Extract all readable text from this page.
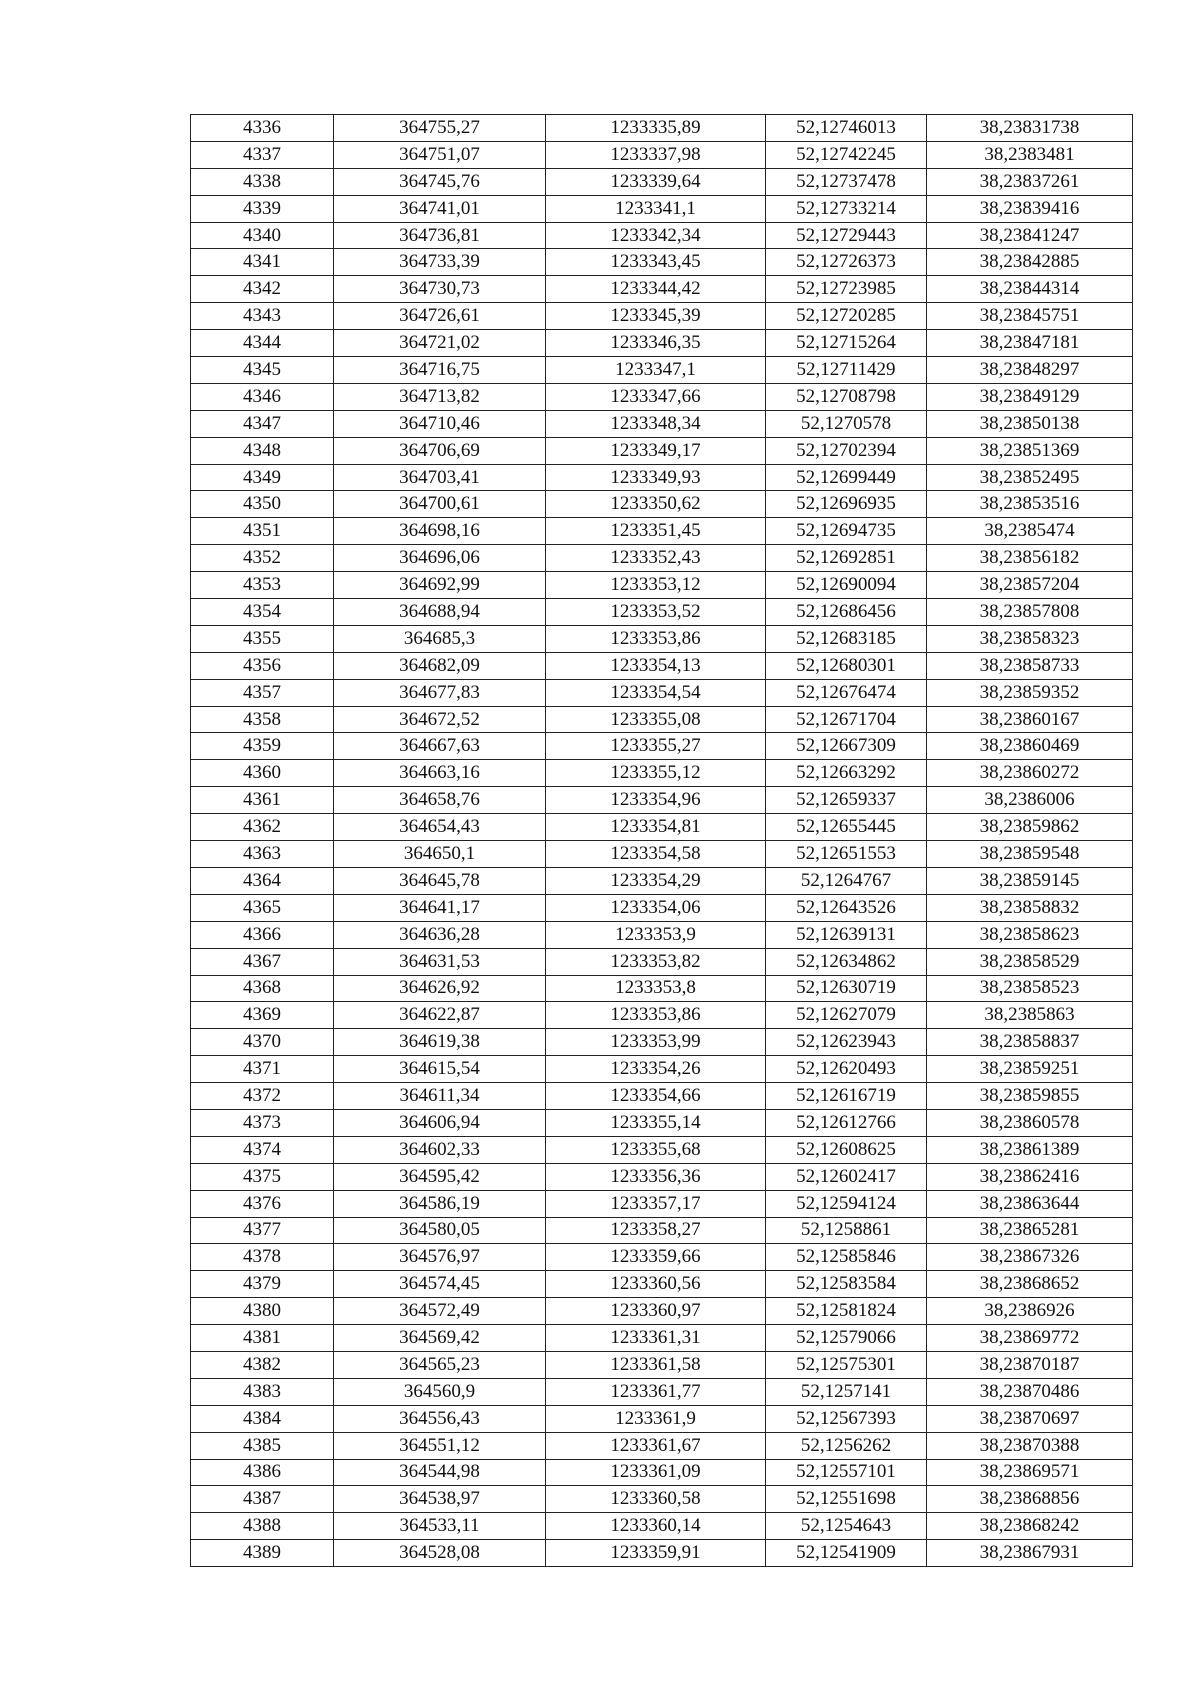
4336	364755,27	1233335,89	52,12746013	38,23831738
4337	364751,07	1233337,98	52,12742245	38,2383481
4338	364745,76	1233339,64	52,12737478	38,23837261
4339	364741,01	1233341,1	52,12733214	38,23839416
4340	364736,81	1233342,34	52,12729443	38,23841247
4341	364733,39	1233343,45	52,12726373	38,23842885
4342	364730,73	1233344,42	52,12723985	38,23844314
4343	364726,61	1233345,39	52,12720285	38,23845751
4344	364721,02	1233346,35	52,12715264	38,23847181
4345	364716,75	1233347,1	52,12711429	38,23848297
4346	364713,82	1233347,66	52,12708798	38,23849129
4347	364710,46	1233348,34	52,1270578	38,23850138
4348	364706,69	1233349,17	52,12702394	38,23851369
4349	364703,41	1233349,93	52,12699449	38,23852495
4350	364700,61	1233350,62	52,12696935	38,23853516
4351	364698,16	1233351,45	52,12694735	38,2385474
4352	364696,06	1233352,43	52,12692851	38,23856182
4353	364692,99	1233353,12	52,12690094	38,23857204
4354	364688,94	1233353,52	52,12686456	38,23857808
4355	364685,3	1233353,86	52,12683185	38,23858323
4356	364682,09	1233354,13	52,12680301	38,23858733
4357	364677,83	1233354,54	52,12676474	38,23859352
4358	364672,52	1233355,08	52,12671704	38,23860167
4359	364667,63	1233355,27	52,12667309	38,23860469
4360	364663,16	1233355,12	52,12663292	38,23860272
4361	364658,76	1233354,96	52,12659337	38,2386006
4362	364654,43	1233354,81	52,12655445	38,23859862
4363	364650,1	1233354,58	52,12651553	38,23859548
4364	364645,78	1233354,29	52,1264767	38,23859145
4365	364641,17	1233354,06	52,12643526	38,23858832
4366	364636,28	1233353,9	52,12639131	38,23858623
4367	364631,53	1233353,82	52,12634862	38,23858529
4368	364626,92	1233353,8	52,12630719	38,23858523
4369	364622,87	1233353,86	52,12627079	38,2385863
4370	364619,38	1233353,99	52,12623943	38,23858837
4371	364615,54	1233354,26	52,12620493	38,23859251
4372	364611,34	1233354,66	52,12616719	38,23859855
4373	364606,94	1233355,14	52,12612766	38,23860578
4374	364602,33	1233355,68	52,12608625	38,23861389
4375	364595,42	1233356,36	52,12602417	38,23862416
4376	364586,19	1233357,17	52,12594124	38,23863644
4377	364580,05	1233358,27	52,1258861	38,23865281
4378	364576,97	1233359,66	52,12585846	38,23867326
4379	364574,45	1233360,56	52,12583584	38,23868652
4380	364572,49	1233360,97	52,12581824	38,2386926
4381	364569,42	1233361,31	52,12579066	38,23869772
4382	364565,23	1233361,58	52,12575301	38,23870187
4383	364560,9	1233361,77	52,1257141	38,23870486
4384	364556,43	1233361,9	52,12567393	38,23870697
4385	364551,12	1233361,67	52,1256262	38,23870388
4386	364544,98	1233361,09	52,12557101	38,23869571
4387	364538,97	1233360,58	52,12551698	38,23868856
4388	364533,11	1233360,14	52,1254643	38,23868242
4389	364528,08	1233359,91	52,12541909	38,23867931
